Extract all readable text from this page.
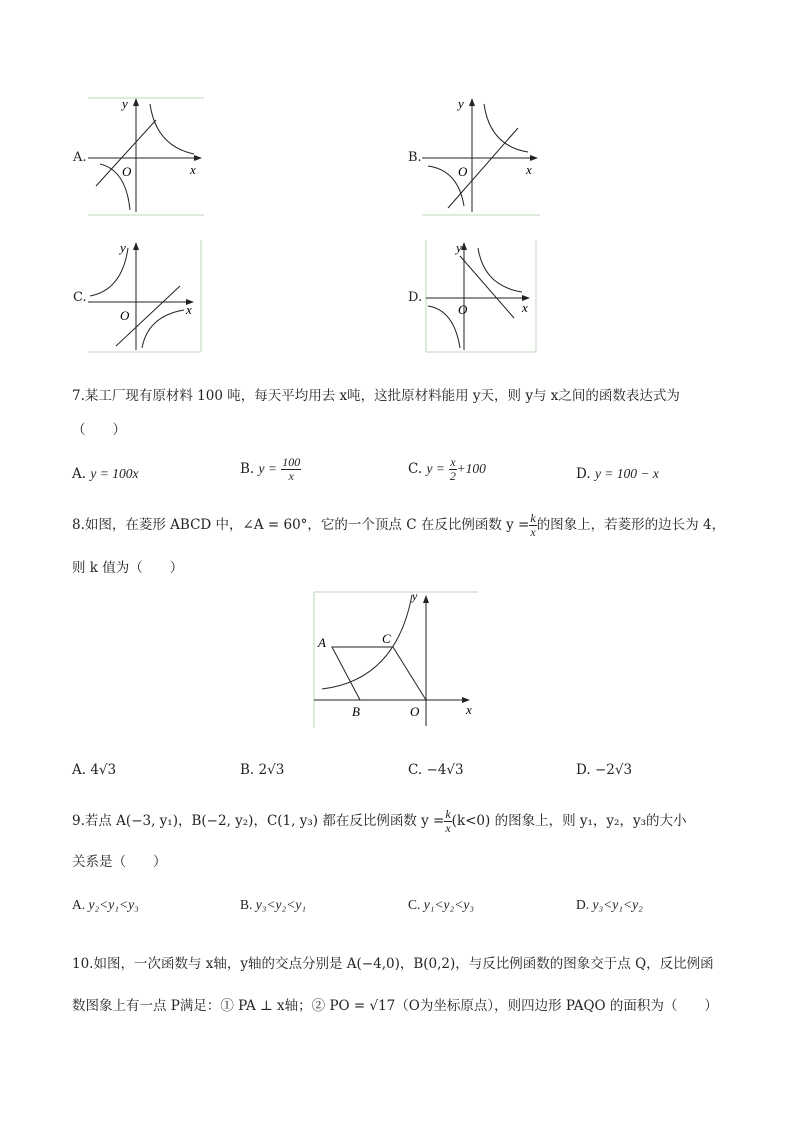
A.
y
O	x
B.
y
O	x
C.
y
O	x
D.
y
O	x
7.某工厂现有原材料 100 吨，每天平均用去 x吨，这批原材料能用 y天，则 y与 x之间的函数表达式为
（　　）
A. y = 100x	B. $y = \frac{100}{x}$	C. $y = \frac{x}{2} +100$	D. y = 100 − x
8.如图，在菱形 ABCD 中，∠A = 60°，它的一个顶点 C 在反比例函数 $y = \frac{k}{x}$ 的图象上，若菱形的边长为 4，
则 k 值为（　　）
A
B
C
O	x
y
A. 4√3	B. 2√3	C. −4√3	D. −2√3
9.若点 A(−3, y₁)，B(−2, y₂)，C(1, y₃) 都在反比例函数 $y = \frac{k}{x} (k<0)$ 的图象上，则 y₁，y₂，y₃的大小
关系是（　　）
A. y₂<y₁<y₃	B. y₃<y₂<y₁	C. y₁<y₂<y₃	D. y₃<y₁<y₂
10.如图，一次函数与 x轴，y轴的交点分别是 A(−4,0)，B(0,2)，与反比例函数的图象交于点 Q，反比例函
数图象上有一点 P满足：① PA ⊥ x轴；② PO = √17（O为坐标原点），则四边形 PAQO 的面积为（　　）
